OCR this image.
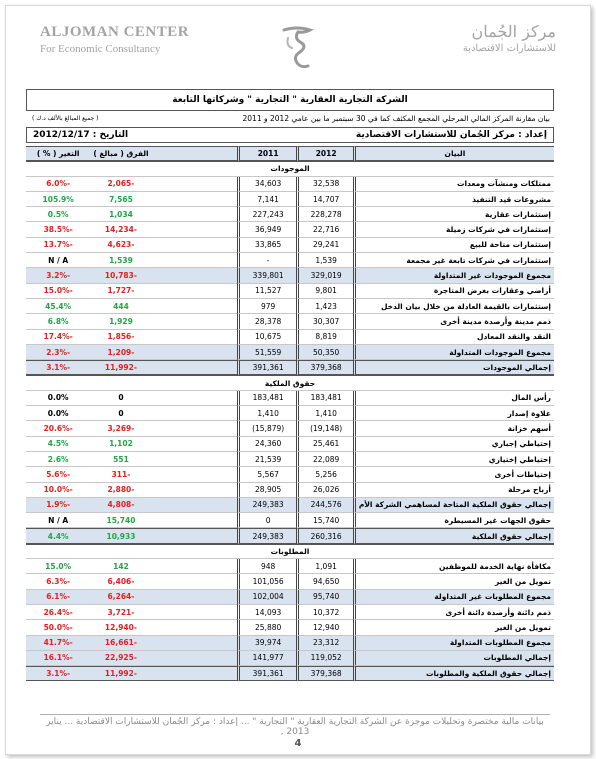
ALJOMAN CENTER
For Economic Consultancy
مركز الجُمان
للاستشارات الاقتصادية
الشركة التجارية العقارية " التجارية " وشركاتها التابعة
بيان مقارنة المركز المالي المرحلي المجمع المكثف كما في 30 سبتمبر ما بين عامي 2012 و 2011
( جميع المبالغ بالألف د.ك )
إعداد : مركز الجُمان للاستشارات الاقتصادية
التاريخ : 2012/12/17
البيان	2012	2011		الفرق ( مبالغ )	التغير ( % )
الموجودات					
ممتلكات ومنشآت ومعدات	32,538	34,603		-2,065	-6.0%
مشروعات قيد التنفيذ	14,707	7,141		7,565	105.9%
إستثمارات عقارية	228,278	227,243		1,034	0.5%
إستثمارات في شركات زميلة	22,716	36,949		-14,234	-38.5%
إستثمارات متاحة للبيع	29,241	33,865		-4,623	-13.7%
إستثمارات في شركات تابعة غير مجمعة	1,539	-		1,539	N / A
مجموع الموجودات غير المتداولة	329,019	339,801		-10,783	-3.2%
أراضي وعقارات بغرض المتاجرة	9,801	11,527		-1,727	-15.0%
إستثمارات بالقيمة العادلة من خلال بيان الدخل	1,423	979		444	45.4%
ذمم مدينة وأرصدة مدينة أخرى	30,307	28,378		1,929	6.8%
النقد والنقد المعادل	8,819	10,675		-1,856	-17.4%
مجموع الموجودات المتداولة	50,350	51,559		-1,209	-2.3%
إجمالي الموجودات	379,368	391,361		-11,992	-3.1%
حقوق الملكية					
رأس المال	183,481	183,481		0	0.0%
علاوة إصدار	1,410	1,410		0	0.0%
أسهم خزانة	(19,148)	(15,879)		-3,269	-20.6%
إحتياطي إجباري	25,461	24,360		1,102	4.5%
إحتياطي إختياري	22,089	21,539		551	2.6%
إحتياطات أخرى	5,256	5,567		-311	-5.6%
أرباح مرحلة	26,026	28,905		-2,880	-10.0%
إجمالي حقوق الملكية المتاحة لمساهمي الشركة الأم	244,576	249,383		-4,808	-1.9%
حقوق الجهات غير المسيطرة	15,740	0		15,740	N / A
إجمالي حقوق الملكية	260,316	249,383		10,933	4.4%
المطلوبات					
مكافأة نهاية الخدمة للموظفين	1,091	948		142	15.0%
تمويل من الغير	94,650	101,056		-6,406	-6.3%
مجموع المطلوبات غير المتداولة	95,740	102,004		-6,264	-6.1%
ذمم دائنة وأرصدة دائنة أخرى	10,372	14,093		-3,721	-26.4%
تمويل من الغير	12,940	25,880		-12,940	-50.0%
مجموع المطلوبات المتداولة	23,312	39,974		-16,661	-41.7%
إجمالي المطلوبات	119,052	141,977		-22,925	-16.1%
إجمالي حقوق الملكية والمطلوبات	379,368	391,361		-11,992	-3.1%
بيانات مالية مختصرة وتحليلات موجزة عن الشركة التجارية العقارية " التجارية " ... إعداد : مركز الجُمان للاستشارات الاقتصادية ... يناير 2013 ,
4
